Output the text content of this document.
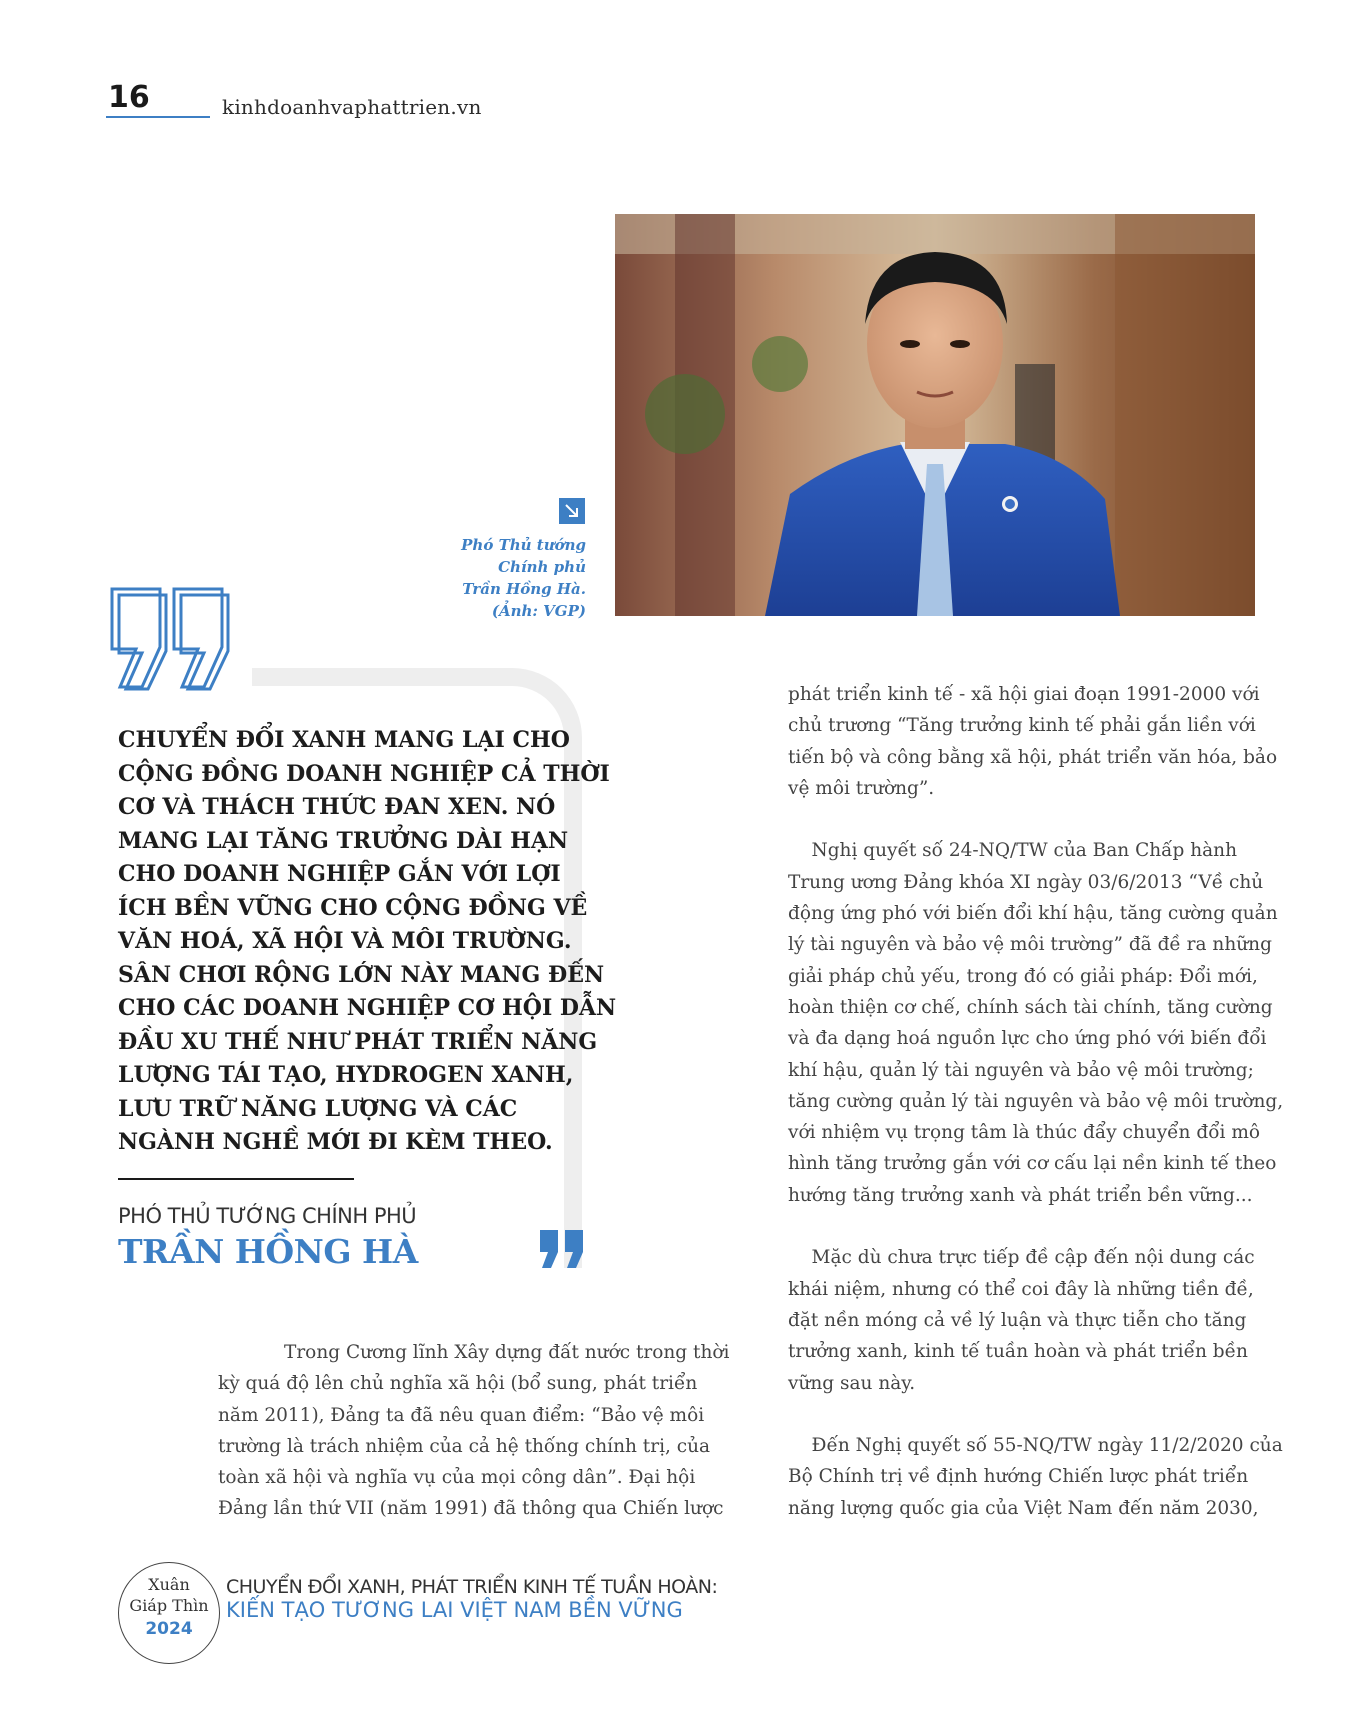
16	kinhdoanhvaphattrien.vn
Phó Thủ tướng
Chính phủ
Trần Hồng Hà.
(Ảnh: VGP)
CHUYỂN ĐỔI XANH MANG LẠI CHO
CỘNG ĐỒNG DOANH NGHIỆP CẢ THỜI
CƠ VÀ THÁCH THỨC ĐAN XEN. NÓ
MANG LẠI TĂNG TRƯỞNG DÀI HẠN
CHO DOANH NGHIỆP GẮN VỚI LỢI
ÍCH BỀN VỮNG CHO CỘNG ĐỒNG VỀ
VĂN HOÁ, XÃ HỘI VÀ MÔI TRƯỜNG.
SÂN CHƠI RỘNG LỚN NÀY MANG ĐẾN
CHO CÁC DOANH NGHIỆP CƠ HỘI DẪN
ĐẦU XU THẾ NHƯ PHÁT TRIỂN NĂNG
LƯỢNG TÁI TẠO, HYDROGEN XANH,
LƯU TRỮ NĂNG LƯỢNG VÀ CÁC
NGÀNH NGHỀ MỚI ĐI KÈM THEO.
PHÓ THỦ TƯỚNG CHÍNH PHỦ
TRẦN HỒNG HÀ
Trong Cương lĩnh Xây dựng đất nước trong thời
kỳ quá độ lên chủ nghĩa xã hội (bổ sung, phát triển
năm 2011), Đảng ta đã nêu quan điểm: “Bảo vệ môi
trường là trách nhiệm của cả hệ thống chính trị, của
toàn xã hội và nghĩa vụ của mọi công dân”. Đại hội
Đảng lần thứ VII (năm 1991) đã thông qua Chiến lược
phát triển kinh tế - xã hội giai đoạn 1991-2000 với
chủ trương “Tăng trưởng kinh tế phải gắn liền với
tiến bộ và công bằng xã hội, phát triển văn hóa, bảo
vệ môi trường”.

Nghị quyết số 24-NQ/TW của Ban Chấp hành
Trung ương Đảng khóa XI ngày 03/6/2013 “Về chủ
động ứng phó với biến đổi khí hậu, tăng cường quản
lý tài nguyên và bảo vệ môi trường” đã đề ra những
giải pháp chủ yếu, trong đó có giải pháp: Đổi mới,
hoàn thiện cơ chế, chính sách tài chính, tăng cường
và đa dạng hoá nguồn lực cho ứng phó với biến đổi
khí hậu, quản lý tài nguyên và bảo vệ môi trường;
tăng cường quản lý tài nguyên và bảo vệ môi trường,
với nhiệm vụ trọng tâm là thúc đẩy chuyển đổi mô
hình tăng trưởng gắn với cơ cấu lại nền kinh tế theo
hướng tăng trưởng xanh và phát triển bền vững...

Mặc dù chưa trực tiếp đề cập đến nội dung các
khái niệm, nhưng có thể coi đây là những tiền đề,
đặt nền móng cả về lý luận và thực tiễn cho tăng
trưởng xanh, kinh tế tuần hoàn và phát triển bền
vững sau này.

Đến Nghị quyết số 55-NQ/TW ngày 11/2/2020 của
Bộ Chính trị về định hướng Chiến lược phát triển
năng lượng quốc gia của Việt Nam đến năm 2030,
Xuân
Giáp Thìn
2024
CHUYỂN ĐỔI XANH, PHÁT TRIỂN KINH TẾ TUẦN HOÀN:
KIẾN TẠO TƯƠNG LAI VIỆT NAM BỀN VỮNG
